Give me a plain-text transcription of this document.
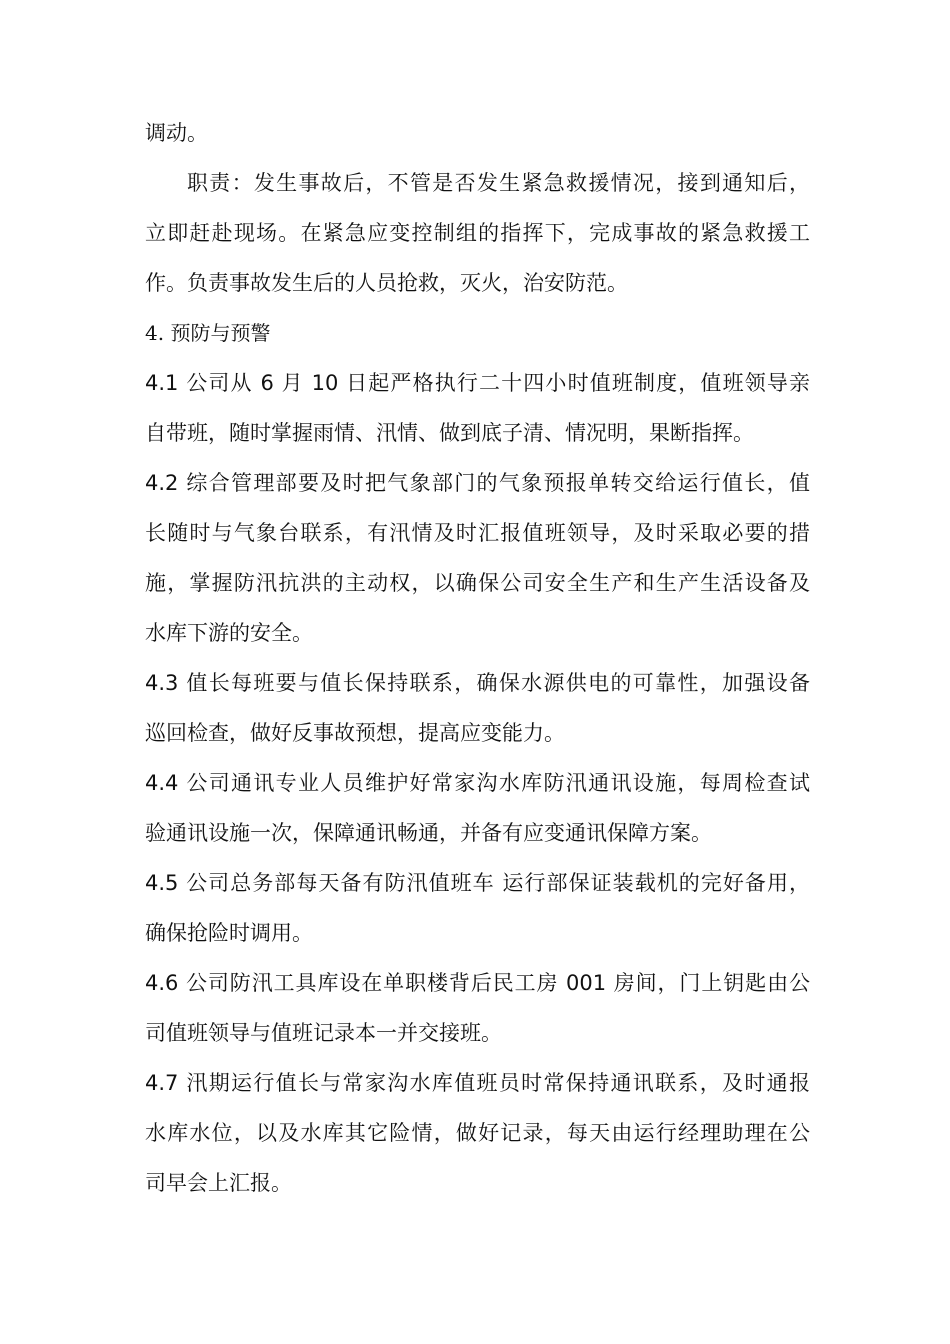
调动。

职责：发生事故后，不管是否发生紧急救援情况，接到通知后，

立即赶赴现场。在紧急应变控制组的指挥下，完成事故的紧急救援工

作。负责事故发生后的人员抢救，灭火，治安防范。

4. 预防与预警

4.1 公司从 6 月 10 日起严格执行二十四小时值班制度，值班领导亲

自带班，随时掌握雨情、汛情、做到底子清、情况明，果断指挥。

4.2 综合管理部要及时把气象部门的气象预报单转交给运行值长，值

长随时与气象台联系，有汛情及时汇报值班领导，及时采取必要的措

施，掌握防汛抗洪的主动权，以确保公司安全生产和生产生活设备及

水库下游的安全。

4.3 值长每班要与值长保持联系，确保水源供电的可靠性，加强设备

巡回检查，做好反事故预想，提高应变能力。

4.4 公司通讯专业人员维护好常家沟水库防汛通讯设施，每周检查试

验通讯设施一次，保障通讯畅通，并备有应变通讯保障方案。

4.5 公司总务部每天备有防汛值班车 运行部保证装载机的完好备用，

确保抢险时调用。

4.6 公司防汛工具库设在单职楼背后民工房 001 房间，门上钥匙由公

司值班领导与值班记录本一并交接班。

4.7 汛期运行值长与常家沟水库值班员时常保持通讯联系，及时通报

水库水位，以及水库其它险情，做好记录，每天由运行经理助理在公

司早会上汇报。
